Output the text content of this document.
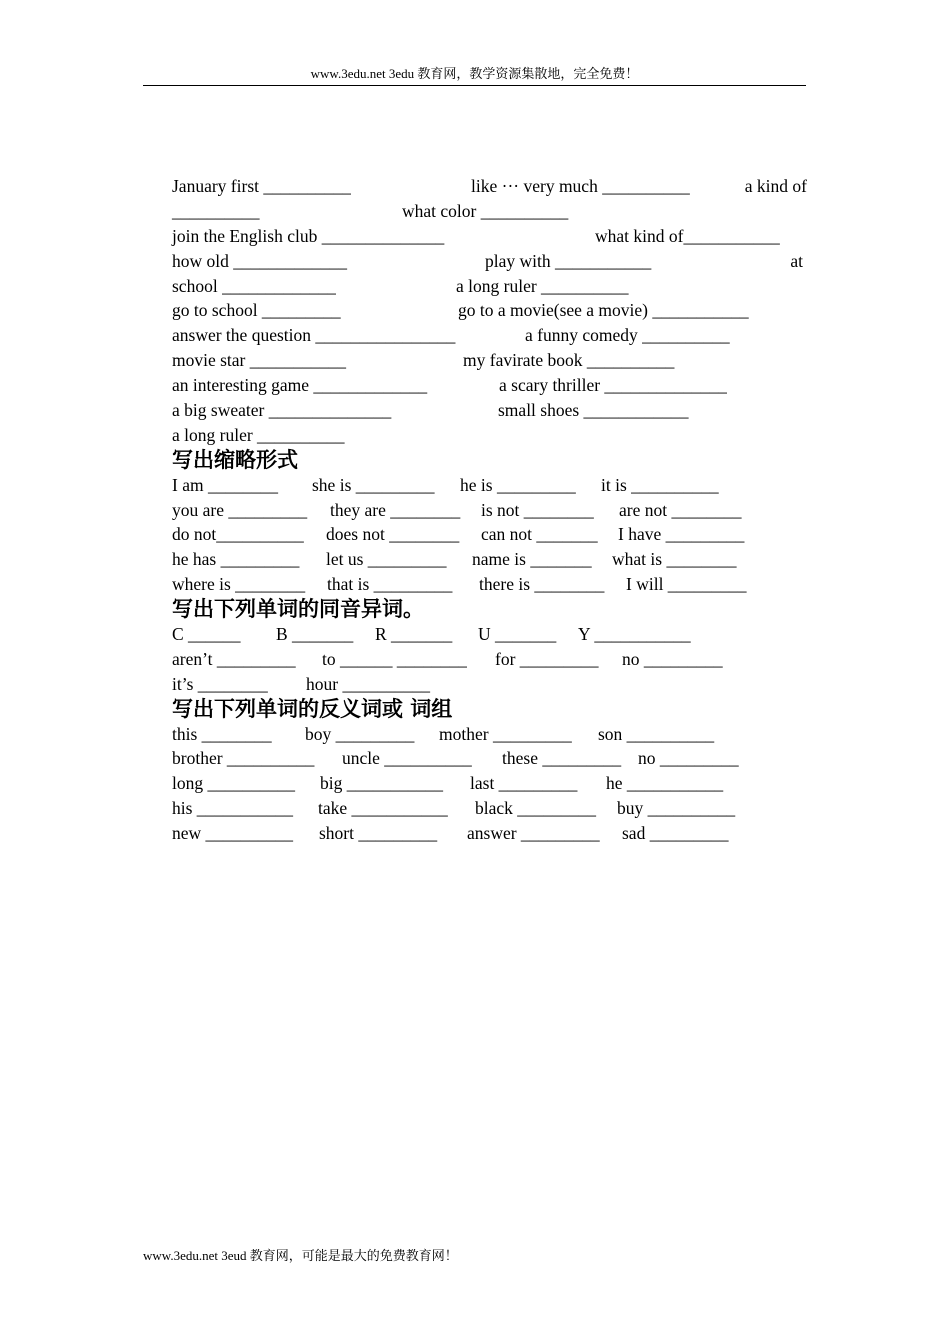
www.3edu.net 3edu 教育网，教学资源集散地，完全免费！
January first __________	like ··· very much __________	a kind of
__________	what color __________
join the English club ______________	what kind of___________
how old _____________	play with ___________	at
school _____________	a long ruler __________
go to school _________	go to a movie(see a movie) ___________
answer the question ________________	a funny comedy __________
movie star ___________	my favirate book __________
an interesting game _____________	a scary thriller ______________
a big sweater ______________	small shoes ____________
a long ruler __________
写出缩略形式
I am ________ she is _________ he is _________ it is __________
you are _________ they are ________ is not ________ are not ________
do not__________ does not ________ can not _______ I have _________
he has _________ let us _________ name is _______ what is ________
where is ________ that is _________ there is ________ I will _________
写出下列单词的同音异词。
C ______ B _______ R _______ U _______ Y ___________
aren’t _________ to ______ ________ for _________ no _________
it’s ________ hour __________
写出下列单词的反义词或 词组
this ________ boy _________ mother _________ son __________
brother __________ uncle __________ these _________ no _________
long __________ big ___________ last _________ he ___________
his ___________ take ___________ black _________ buy __________
new __________ short _________ answer _________ sad _________
www.3edu.net 3eud 教育网，可能是最大的免费教育网！
